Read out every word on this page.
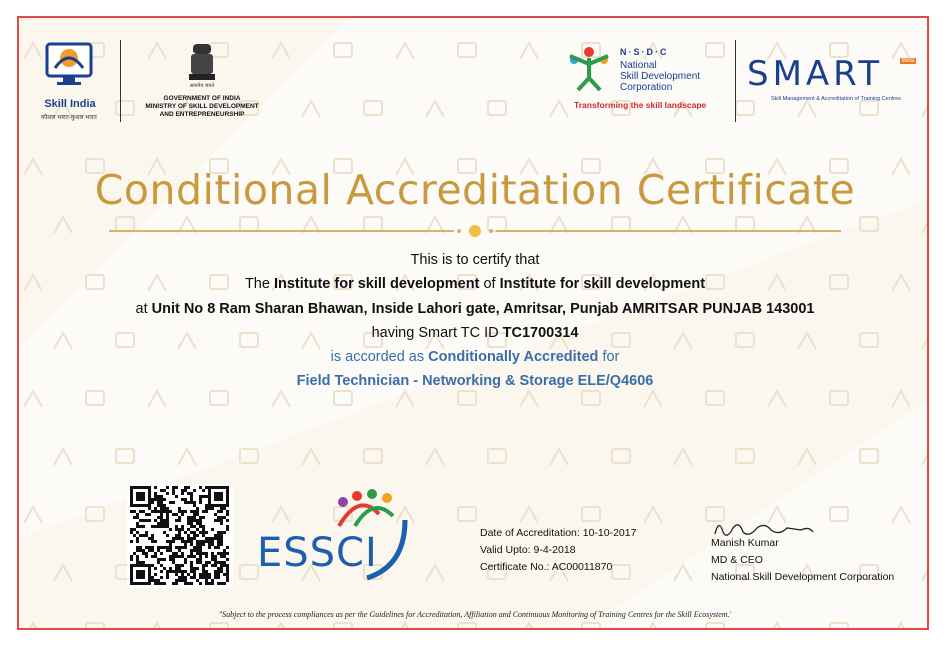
Skill India
कौशल भारत-कुशल भारत
सत्यमेव जयते
GOVERNMENT OF INDIA
MINISTRY OF SKILL DEVELOPMENT
AND ENTREPRENEURSHIP
N·S·D·C
National
Skill Development
Corporation
Transforming the skill landscape
SMART	Beta
Skill Management & Accreditation of Training Centres
Conditional Accreditation Certificate
This is to certify that
The Institute for skill development of Institute for skill development
at Unit No 8 Ram Sharan Bhawan, Inside Lahori gate, Amritsar, Punjab AMRITSAR PUNJAB 143001
having Smart TC ID TC1700314
is accorded as Conditionally Accredited for
Field Technician - Networking & Storage ELE/Q4606
ESSCI	Date of Accreditation: 10-10-2017
Valid Upto: 9-4-2018
Certificate No.: AC00011870
Manish Kumar
MD & CEO
National Skill Development Corporation
"Subject to the process compliances as per the Guidelines for Accreditation, Affiliation and Continuous Monitoring of Training Centres for the Skill Ecosystem.'
